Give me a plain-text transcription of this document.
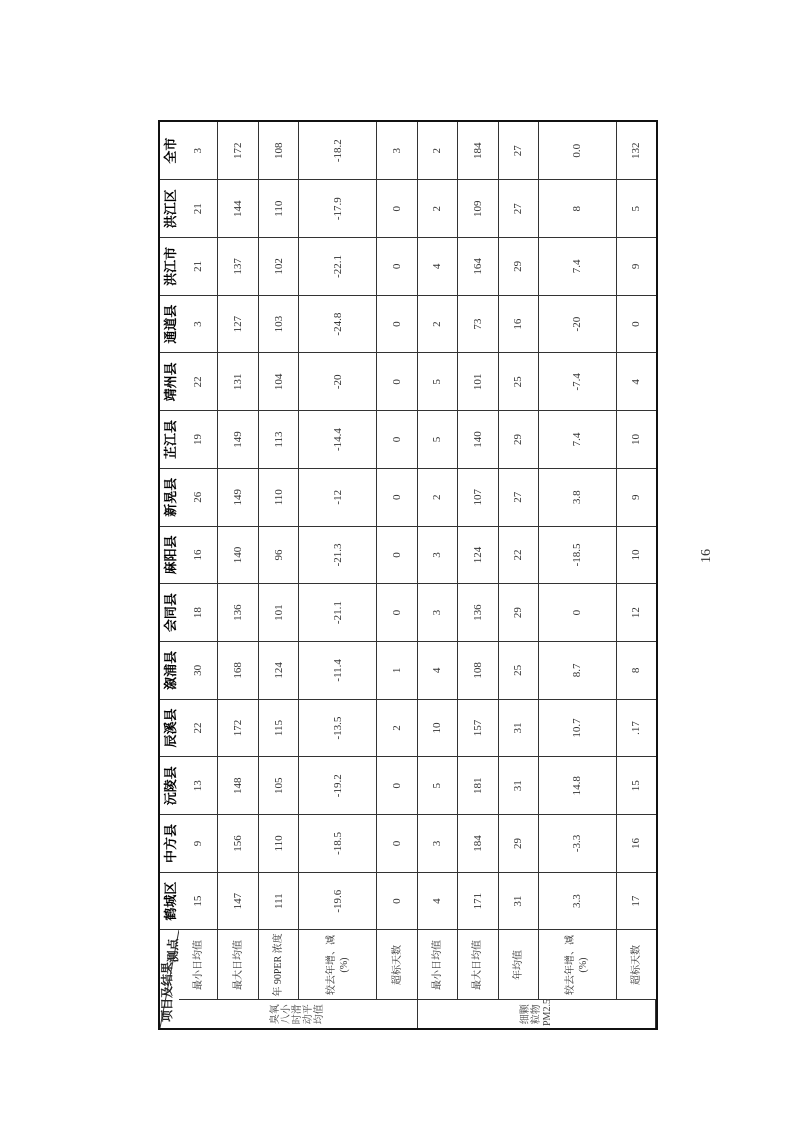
测点
项目及结果		鹤城区	中方县	沅陵县	辰溪县	溆浦县	会同县	麻阳县	新晃县	芷江县	靖州县	通道县	洪江市	洪江区	全市
臭氧八小时滑动平均值	最小日均值	15	9	13	22	30	18	16	26	19	22	3	21	21	3
	最大日均值	147	156	148	172	168	136	140	149	149	131	127	137	144	172
	年 90PER 浓度	111	110	105	115	124	101	96	110	113	104	103	102	110	108
	较去年增、减(%)	-19.6	-18.5	-19.2	-13.5	-11.4	-21.1	-21.3	-12	-14.4	-20	-24.8	-22.1	-17.9	-18.2
	超标天数	0	0	0	2	1	0	0	0	0	0	0	0	0	3
细颗粒物PM2.5	最小日均值	4	3	5	10	4	3	3	2	5	5	2	4	2	2
	最大日均值	171	184	181	157	108	136	124	107	140	101	73	164	109	184
	年均值	31	29	31	31	25	29	22	27	29	25	16	29	27	27
	较去年增、减(%)	3.3	-3.3	14.8	10.7	8.7	0	-18.5	3.8	7.4	-7.4	-20	7.4	8	0.0
	超标天数	17	16	15	.17	8	12	10	9	10	4	0	9	5	132
16
